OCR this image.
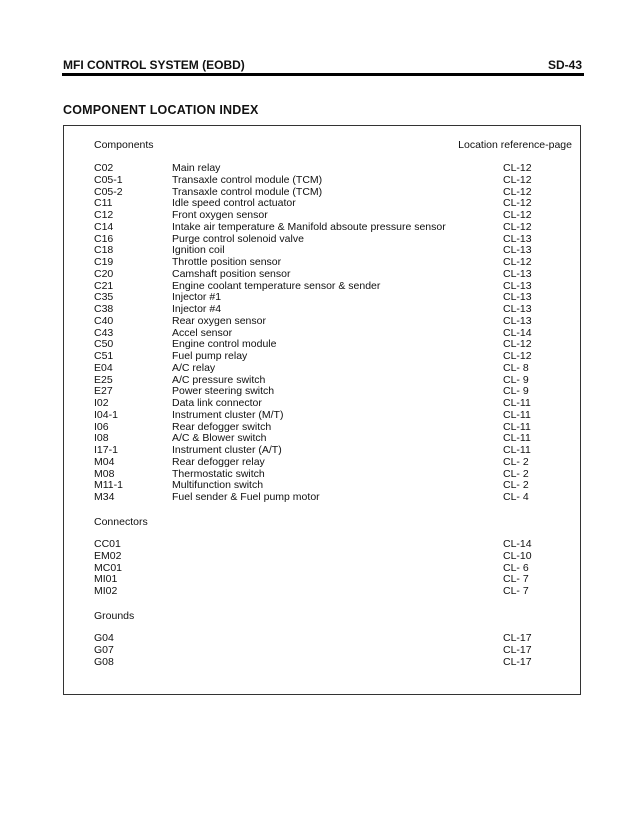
MFI CONTROL SYSTEM (EOBD)	SD-43
COMPONENT LOCATION INDEX
Components	Location reference-page
C02	Main relay	CL-12
C05-1	Transaxle control module (TCM)	CL-12
C05-2	Transaxle control module (TCM)	CL-12
C11	Idle speed control actuator	CL-12
C12	Front oxygen sensor	CL-12
C14	Intake air temperature & Manifold absoute pressure sensor	CL-12
C16	Purge control solenoid valve	CL-13
C18	Ignition coil	CL-13
C19	Throttle position sensor	CL-12
C20	Camshaft position sensor	CL-13
C21	Engine coolant temperature sensor & sender	CL-13
C35	Injector #1	CL-13
C38	Injector #4	CL-13
C40	Rear oxygen sensor	CL-13
C43	Accel sensor	CL-14
C50	Engine control module	CL-12
C51	Fuel pump relay	CL-12
E04	A/C relay	CL- 8
E25	A/C pressure switch	CL- 9
E27	Power steering switch	CL- 9
I02	Data link connector	CL-11
I04-1	Instrument cluster (M/T)	CL-11
I06	Rear defogger switch	CL-11
I08	A/C & Blower switch	CL-11
I17-1	Instrument cluster (A/T)	CL-11
M04	Rear defogger relay	CL- 2
M08	Thermostatic switch	CL- 2
M11-1	Multifunction switch	CL- 2
M34	Fuel sender & Fuel pump motor	CL- 4
Connectors
CC01	CL-14
EM02	CL-10
MC01	CL- 6
MI01	CL- 7
MI02	CL- 7
Grounds
G04	CL-17
G07	CL-17
G08	CL-17
